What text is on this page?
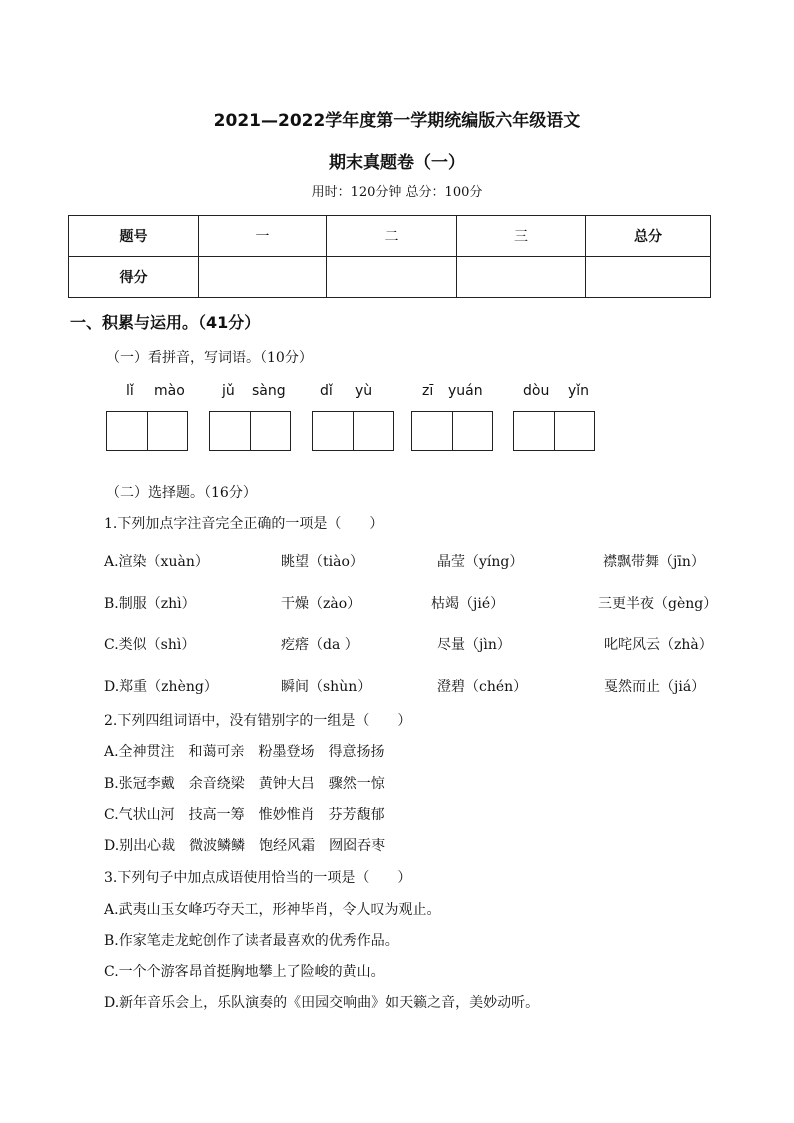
2021—2022学年度第一学期统编版六年级语文
期末真题卷（一）
用时：120分钟 总分：100分
题号	一	二	三	总分
得分				
一、积累与运用。（41分）
（一）看拼音，写词语。（10分）
lǐ mào	jǔ sàng dǐ yù	zī yuán	dòu yǐn
（二）选择题。（16分）
1.下列加点字注音完全正确的一项是（　　）
A.渲染（xuàn）	眺望（tiào）	晶莹（yíng）	襟飘带舞（jīn）
B.制服（zhì）	干燥（zào）	枯竭（jié）	三更半夜（gèng）
C.类似（shì）	疙瘩（da ）	尽量（jìn）	叱咤风云（zhà）
D.郑重（zhèng）	瞬间（shùn）	澄碧（chén）	戛然而止（jiá）
2.下列四组词语中，没有错别字的一组是（　　）
A.全神贯注　和蔼可亲　粉墨登场　得意扬扬
B.张冠李戴　余音绕梁　黄钟大吕　骤然一惊
C.气状山河　技高一筹　惟妙惟肖　芬芳馥郁
D.别出心裁　微波鳞鳞　饱经风霜　囫囵吞枣
3.下列句子中加点成语使用恰当的一项是（　　）
A.武夷山玉女峰巧夺天工，形神毕肖，令人叹为观止。
B.作家笔走龙蛇创作了读者最喜欢的优秀作品。
C.一个个游客昂首挺胸地攀上了险峻的黄山。
D.新年音乐会上，乐队演奏的《田园交响曲》如天籁之音，美妙动听。
